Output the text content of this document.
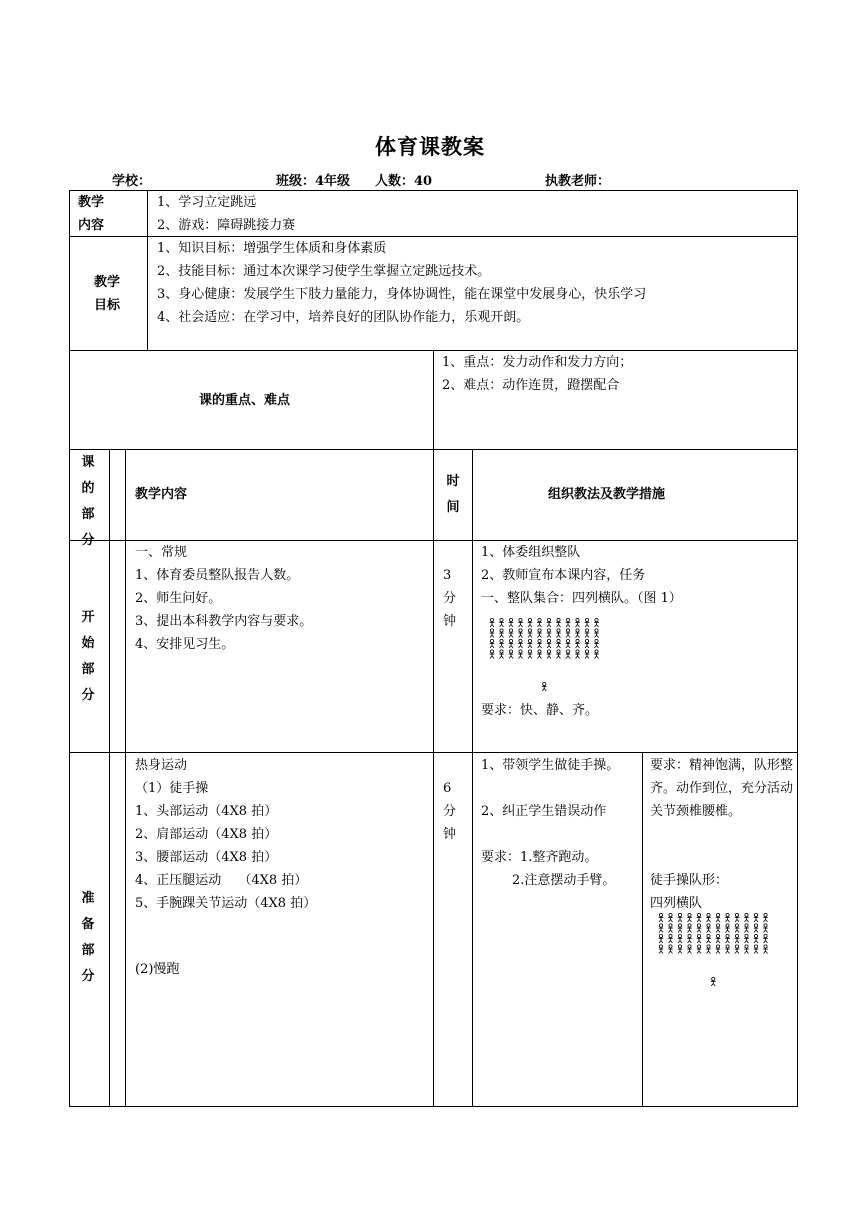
体育课教案
学校：	班级：4年级 人数：40	执教老师：
教学
内容
1、学习立定跳远
2、游戏：障碍跳接力赛
教学
目标
1、知识目标：增强学生体质和身体素质
2、技能目标：通过本次课学习使学生掌握立定跳远技术。
3、身心健康：发展学生下肢力量能力，身体协调性，能在课堂中发展身心，快乐学习
4、社会适应：在学习中，培养良好的团队协作能力，乐观开朗。
课的重点、难点
1、重点：发力动作和发力方向；
2、难点：动作连贯，蹬摆配合
课的部分
教学内容
时间
组织教法及教学措施
开始部分
一、常规
1、体育委员整队报告人数。
2、师生问好。
3、提出本科教学内容与要求。
4、安排见习生。
3分钟
1、体委组织整队
2、教师宣布本课内容，任务
一、整队集合：四列横队。（图 1）
要求：快、静、齐。
准备部分
热身运动
（1）徒手操
1、头部运动（4X8 拍）
2、肩部运动（4X8 拍）
3、腰部运动（4X8 拍）
4、正压腿运动　 （4X8 拍）
5、手腕踝关节运动（4X8 拍）
(2)慢跑
6分钟
1、带领学生做徒手操。
2、纠正学生错误动作
要求：1.整齐跑动。
2.注意摆动手臂。
要求：精神饱满，队形整齐。动作到位，充分活动关节颈椎腰椎。
徒手操队形：
四列横队
